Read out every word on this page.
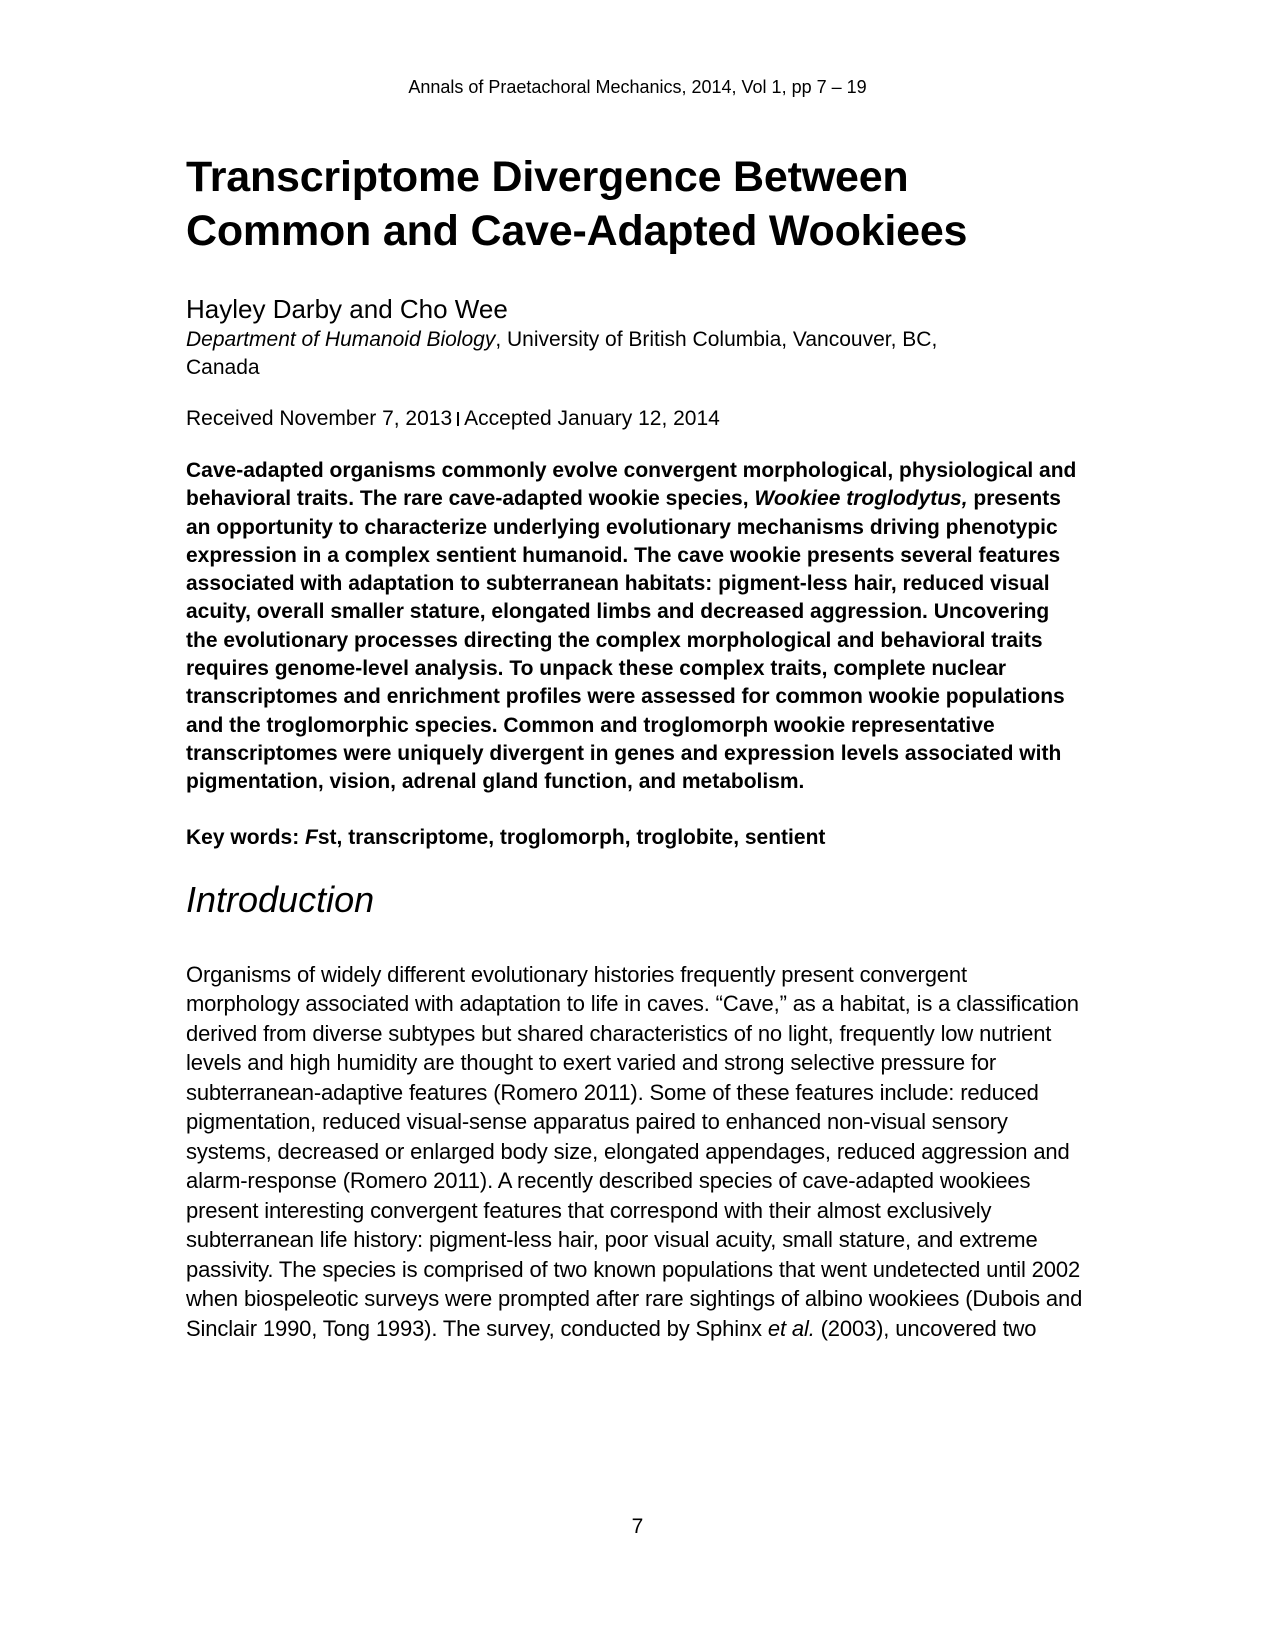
Annals of Praetachoral Mechanics, 2014, Vol 1, pp 7 – 19
Transcriptome Divergence Between
Common and Cave-Adapted Wookiees
Hayley Darby and Cho Wee
Department of Humanoid Biology, University of British Columbia, Vancouver, BC,
Canada
Received November 7, 2013 Accepted January 12, 2014
Cave-adapted organisms commonly evolve convergent morphological, physiological and behavioral traits. The rare cave-adapted wookie species, Wookiee troglodytus, presents an opportunity to characterize underlying evolutionary mechanisms driving phenotypic expression in a complex sentient humanoid. The cave wookie presents several features associated with adaptation to subterranean habitats: pigment-less hair, reduced visual acuity, overall smaller stature, elongated limbs and decreased aggression. Uncovering the evolutionary processes directing the complex morphological and behavioral traits requires genome-level analysis. To unpack these complex traits, complete nuclear transcriptomes and enrichment profiles were assessed for common wookie populations and the troglomorphic species. Common and troglomorph wookie representative transcriptomes were uniquely divergent in genes and expression levels associated with pigmentation, vision, adrenal gland function, and metabolism.
Key words: Fst, transcriptome, troglomorph, troglobite, sentient
Introduction
Organisms of widely different evolutionary histories frequently present convergent morphology associated with adaptation to life in caves. “Cave,” as a habitat, is a classification derived from diverse subtypes but shared characteristics of no light, frequently low nutrient levels and high humidity are thought to exert varied and strong selective pressure for subterranean-adaptive features (Romero 2011). Some of these features include: reduced pigmentation, reduced visual-sense apparatus paired to enhanced non-visual sensory systems, decreased or enlarged body size, elongated appendages, reduced aggression and alarm-response (Romero 2011). A recently described species of cave-adapted wookiees present interesting convergent features that correspond with their almost exclusively subterranean life history: pigment-less hair, poor visual acuity, small stature, and extreme passivity. The species is comprised of two known populations that went undetected until 2002 when biospeleotic surveys were prompted after rare sightings of albino wookiees (Dubois and Sinclair 1990, Tong 1993). The survey, conducted by Sphinx et al. (2003), uncovered two
7
